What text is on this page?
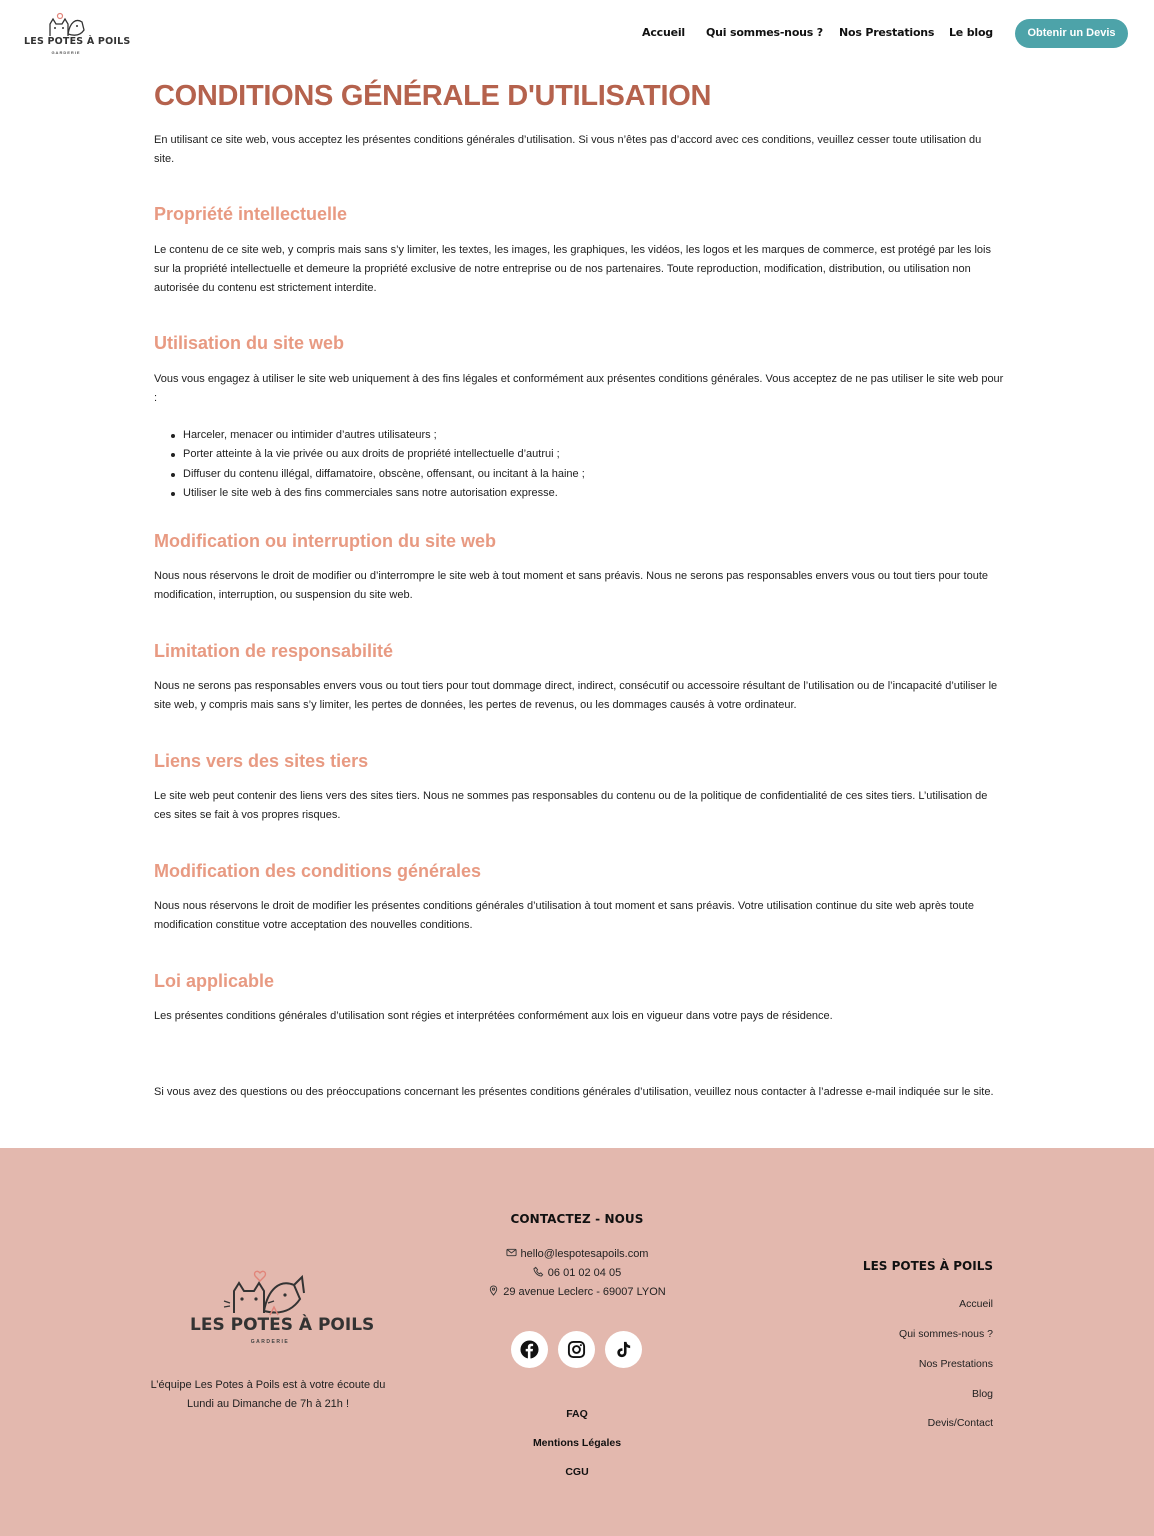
LES POTES À POILS
GARDERIE
Accueil Qui sommes-nous ? Nos Prestations Le blog	Obtenir un Devis
CONDITIONS GÉNÉRALE D'UTILISATION

En utilisant ce site web, vous acceptez les présentes conditions générales d’utilisation. Si vous n’êtes pas d’accord avec ces conditions, veuillez cesser toute utilisation du site.

Propriété intellectuelle

Le contenu de ce site web, y compris mais sans s’y limiter, les textes, les images, les graphiques, les vidéos, les logos et les marques de commerce, est protégé par les lois sur la propriété intellectuelle et demeure la propriété exclusive de notre entreprise ou de nos partenaires. Toute reproduction, modification, distribution, ou utilisation non autorisée du contenu est strictement interdite.

Utilisation du site web

Vous vous engagez à utiliser le site web uniquement à des fins légales et conformément aux présentes conditions générales. Vous acceptez de ne pas utiliser le site web pour :

Harceler, menacer ou intimider d’autres utilisateurs ;
Porter atteinte à la vie privée ou aux droits de propriété intellectuelle d’autrui ;
Diffuser du contenu illégal, diffamatoire, obscène, offensant, ou incitant à la haine ;
Utiliser le site web à des fins commerciales sans notre autorisation expresse.
Modification ou interruption du site web

Nous nous réservons le droit de modifier ou d’interrompre le site web à tout moment et sans préavis. Nous ne serons pas responsables envers vous ou tout tiers pour toute modification, interruption, ou suspension du site web.

Limitation de responsabilité

Nous ne serons pas responsables envers vous ou tout tiers pour tout dommage direct, indirect, consécutif ou accessoire résultant de l’utilisation ou de l’incapacité d’utiliser le site web, y compris mais sans s’y limiter, les pertes de données, les pertes de revenus, ou les dommages causés à votre ordinateur.

Liens vers des sites tiers

Le site web peut contenir des liens vers des sites tiers. Nous ne sommes pas responsables du contenu ou de la politique de confidentialité de ces sites tiers. L’utilisation de ces sites se fait à vos propres risques.

Modification des conditions générales

Nous nous réservons le droit de modifier les présentes conditions générales d’utilisation à tout moment et sans préavis. Votre utilisation continue du site web après toute modification constitue votre acceptation des nouvelles conditions.

Loi applicable

Les présentes conditions générales d’utilisation sont régies et interprétées conformément aux lois en vigueur dans votre pays de résidence.

Si vous avez des questions ou des préoccupations concernant les présentes conditions générales d’utilisation, veuillez nous contacter à l’adresse e-mail indiquée sur le site.

LES POTES À POILS
GARDERIE

L’équipe Les Potes à Poils est à votre écoute du Lundi au Dimanche de 7h à 21h !

CONTACTEZ - NOUS
hello@lespotesapoils.com
06 01 02 04 05
29 avenue Leclerc - 69007 LYON
FAQ
Mentions Légales
CGU
LES POTES À POILS
Accueil
Qui sommes-nous ?
Nos Prestations
Blog
Devis/Contact
